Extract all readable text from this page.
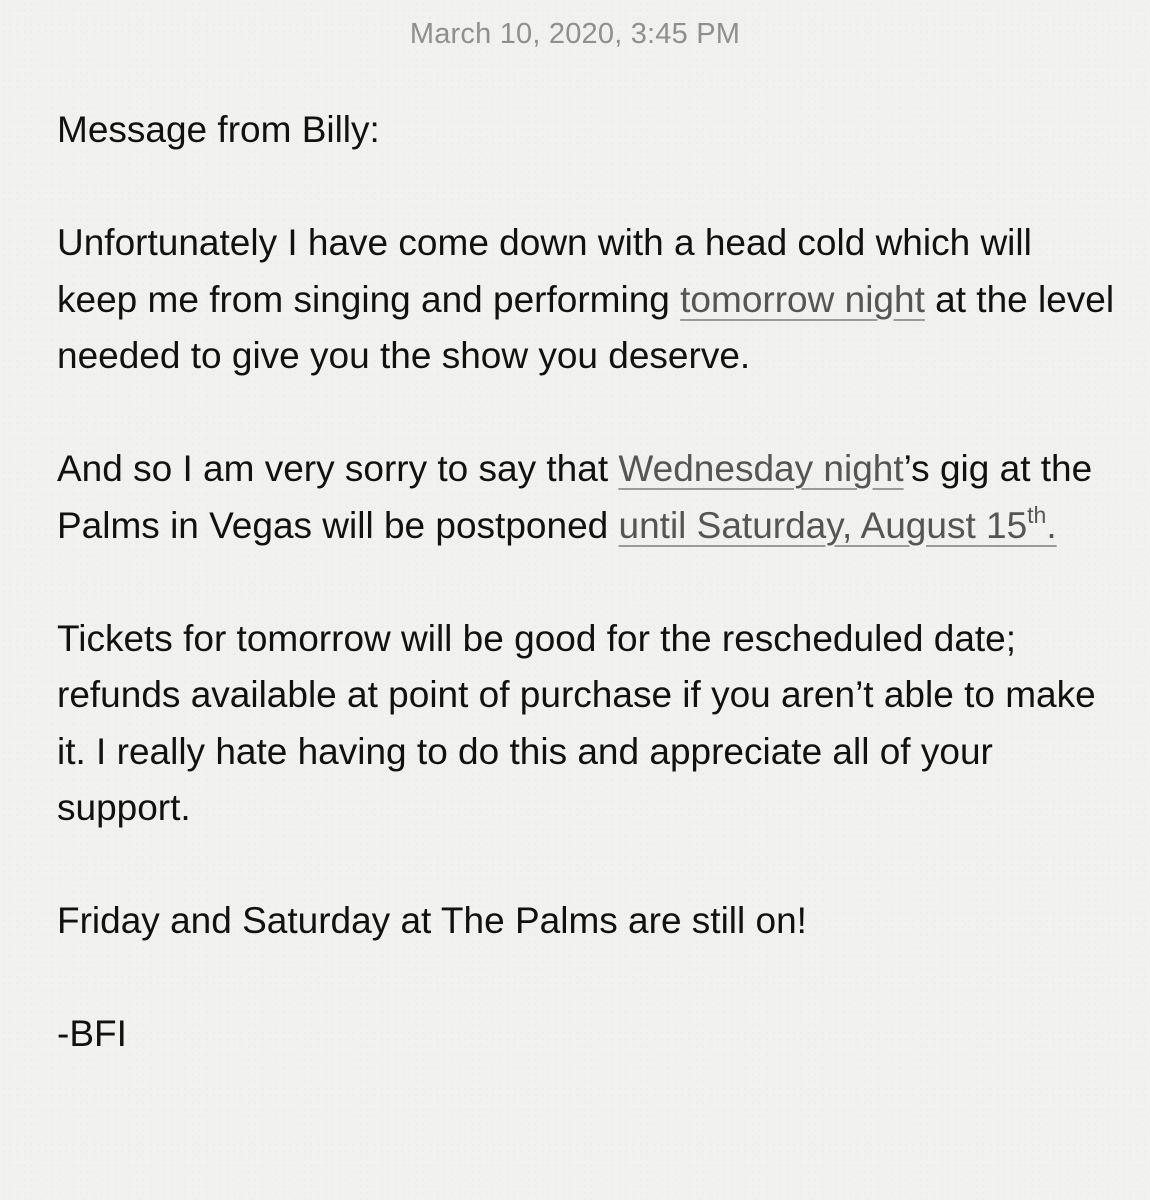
March 10, 2020, 3:45 PM

Message from Billy:

Unfortunately I have come down with a head cold which will keep me from singing and performing tomorrow night at the level needed to give you the show you deserve.

And so I am very sorry to say that Wednesday night’s gig at the Palms in Vegas will be postponed until Saturday, August 15th.

Tickets for tomorrow will be good for the rescheduled date; refunds available at point of purchase if you aren’t able to make it. I really hate having to do this and appreciate all of your support.

Friday and Saturday at The Palms are still on!

-BFI
